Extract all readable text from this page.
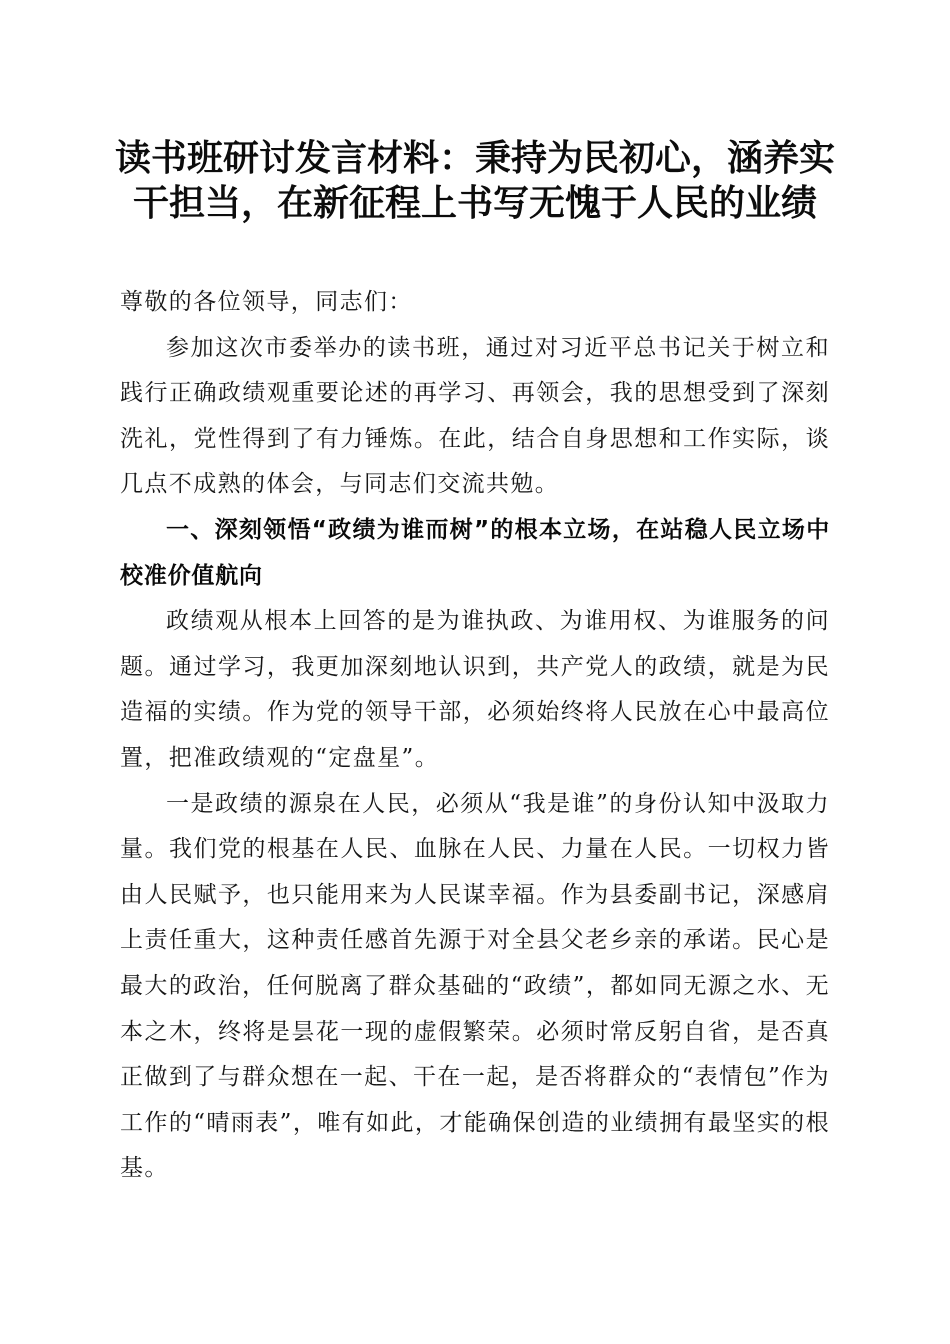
读书班研讨发言材料：秉持为民初心，涵养实
干担当，在新征程上书写无愧于人民的业绩

尊敬的各位领导，同志们：

参加这次市委举办的读书班，通过对习近平总书记关于树立和践行正确政绩观重要论述的再学习、再领会，我的思想受到了深刻洗礼，党性得到了有力锤炼。在此，结合自身思想和工作实际，谈几点不成熟的体会，与同志们交流共勉。

一、深刻领悟“政绩为谁而树”的根本立场，在站稳人民立场中校准价值航向

政绩观从根本上回答的是为谁执政、为谁用权、为谁服务的问题。通过学习，我更加深刻地认识到，共产党人的政绩，就是为民造福的实绩。作为党的领导干部，必须始终将人民放在心中最高位置，把准政绩观的“定盘星”。

一是政绩的源泉在人民，必须从“我是谁”的身份认知中汲取力量。我们党的根基在人民、血脉在人民、力量在人民。一切权力皆由人民赋予，也只能用来为人民谋幸福。作为县委副书记，深感肩上责任重大，这种责任感首先源于对全县父老乡亲的承诺。民心是最大的政治，任何脱离了群众基础的“政绩”，都如同无源之水、无本之木，终将是昙花一现的虚假繁荣。必须时常反躬自省，是否真正做到了与群众想在一起、干在一起，是否将群众的“表情包”作为工作的“晴雨表”，唯有如此，才能确保创造的业绩拥有最坚实的根基。
